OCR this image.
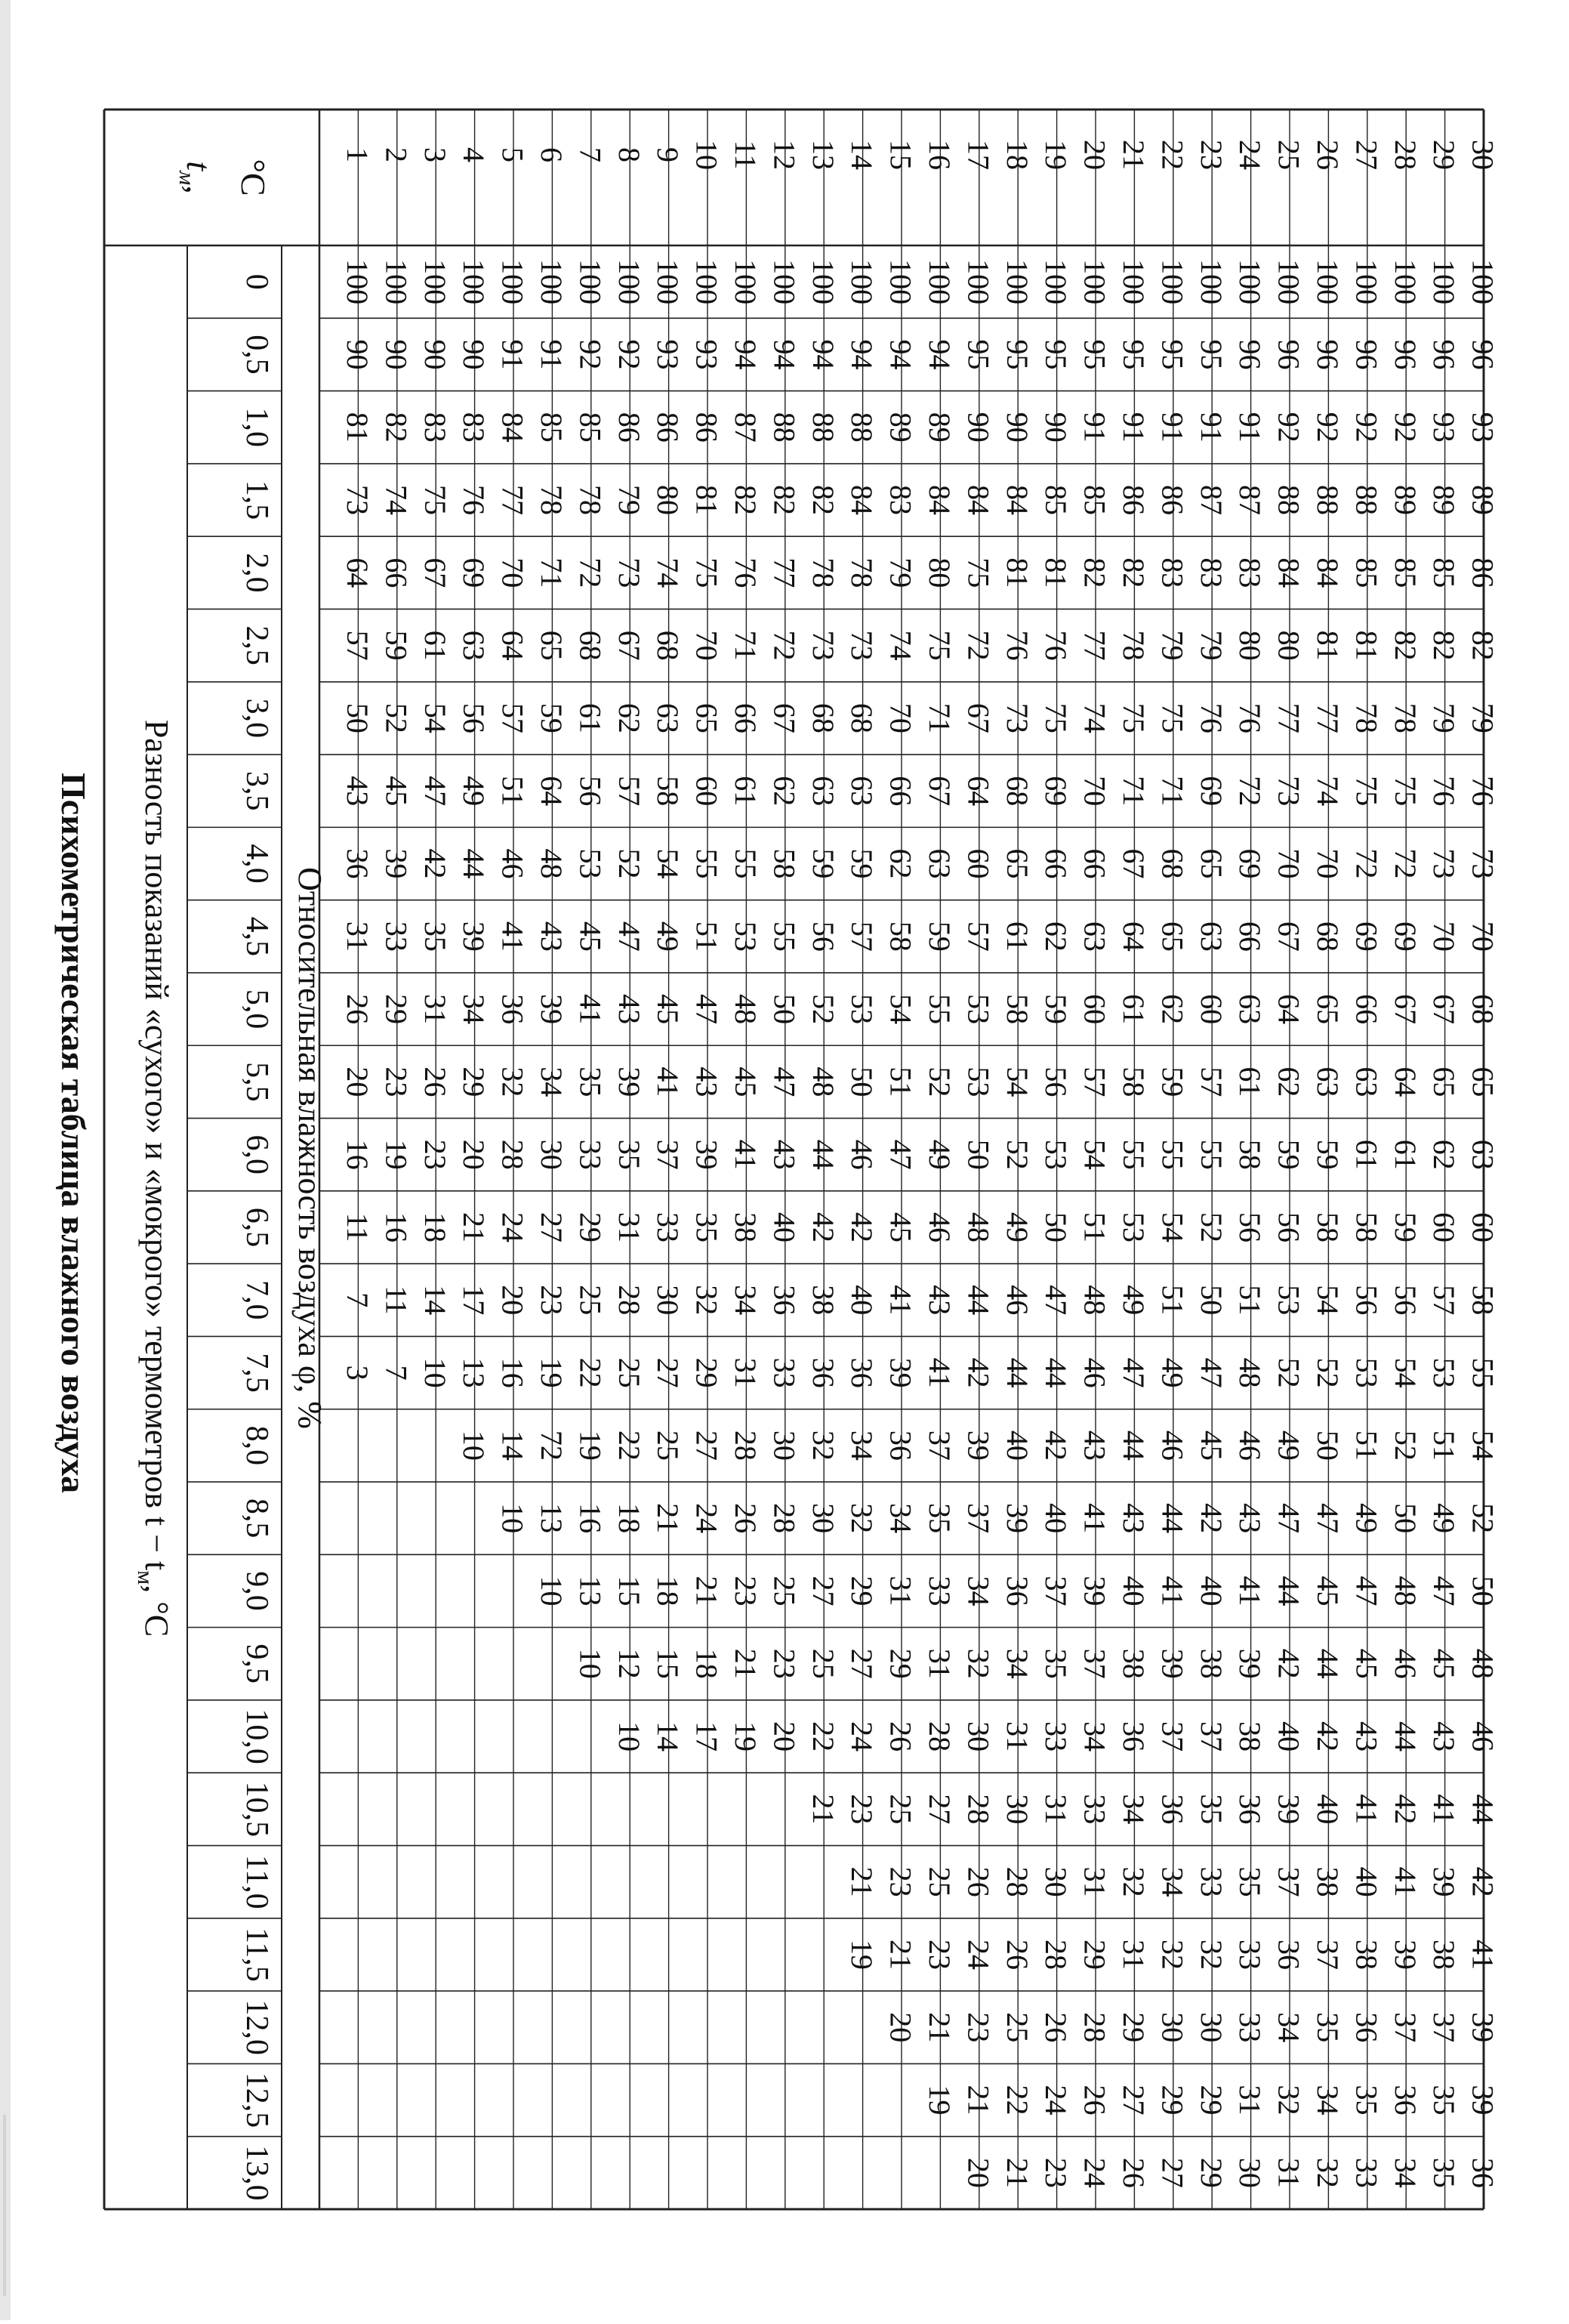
Психометрическая таблица влажного воздуха Разность показаний «сухого» и «мокрого» термометров $t - t_м$, °C
Относительная влажность воздуха φ, %
$t_м$, °C
0
0,5
1,0
1,5
2,0
2,5
3,0
3,5
4,0
4,5
5,0
5,5
6,0
6,5
7,0
7,5
8,0
8,5
9,0
9,5
10,0
10,5
11,0
11,5
12,0
12,5
13,0
1
100
90
81
73
64
57
50
43
36
31
26
20
16
11
7
3
2
100
90
82
74
66
59
52
45
39
33
29
23
19
16
11
7
3
100
90
83
75
67
61
54
47
42
35
31
26
23
18
14
10
4
100
90
83
76
69
63
56
49
44
39
34
29
20
21
17
13
10
5
100
91
84
77
70
64
57
51
46
41
36
32
28
24
20
16
14
10
6
100
91
85
78
71
65
59
64
48
43
39
34
30
27
23
19
72
13
10
7
100
92
85
78
72
68
61
56
53
45
41
35
33
29
25
22
19
16
13
10
8
100
92
86
79
73
67
62
57
52
47
43
39
35
31
28
25
22
18
15
12
10
9
100
93
86
80
74
68
63
58
54
49
45
41
37
33
30
27
25
21
18
15
14
10
100
93
86
81
75
70
65
60
55
51
47
43
39
35
32
29
27
24
21
18
17
11
100
94
87
82
76
71
66
61
55
53
48
45
41
38
34
31
28
26
23
21
19
12
100
94
88
82
77
72
67
62
58
55
50
47
43
40
36
33
30
28
25
23
20
13
100
94
88
82
78
73
68
63
59
56
52
48
44
42
38
36
32
30
27
25
22
21
14
100
94
88
84
78
73
68
63
59
57
53
50
46
42
40
36
34
32
29
27
24
23
21
19
15
100
94
89
83
79
74
70
66
62
58
54
51
47
45
41
39
36
34
31
29
26
25
23
21
20
16
100
94
89
84
80
75
71
67
63
59
55
52
49
46
43
41
37
35
33
31
28
27
25
23
21
19
17
100
95
90
84
75
72
67
64
60
57
53
53
50
48
44
42
39
37
34
32
30
28
26
24
23
21
20
18
100
95
90
84
81
76
73
68
65
61
58
54
52
49
46
44
40
39
36
34
31
30
28
26
25
22
21
19
100
95
90
85
81
76
75
69
66
62
59
56
53
50
47
44
42
40
37
35
33
31
30
28
26
24
23
20
100
95
91
85
82
77
74
70
66
63
60
57
54
51
48
46
43
41
39
37
34
33
31
29
28
26
24
21
100
95
91
86
82
78
75
71
67
64
61
58
55
53
49
47
44
43
40
38
36
34
32
31
29
27
26
22
100
95
91
86
83
79
75
71
68
65
62
59
55
54
51
49
46
44
41
39
37
36
34
32
30
29
27
23
100
95
91
87
83
79
76
69
65
63
60
57
55
52
50
47
45
42
40
38
37
35
33
32
30
29
29
24
100
96
91
87
83
80
76
72
69
66
63
61
58
56
51
48
46
43
41
39
38
36
35
33
33
31
30
25
100
96
92
88
84
80
77
73
70
67
64
62
59
56
53
52
49
47
44
42
40
39
37
36
34
32
31
26
100
96
92
88
84
81
77
74
70
68
65
63
59
58
54
52
50
47
45
44
42
40
38
37
35
34
32
27
100
96
92
88
85
81
78
75
72
69
66
63
61
58
56
53
51
49
47
45
43
41
40
38
36
35
33
28
100
96
92
89
85
82
78
75
72
69
67
64
61
59
56
54
52
50
48
46
44
42
41
39
37
36
34
29
100
96
93
89
85
82
79
76
73
70
67
65
62
60
57
53
51
49
47
45
43
41
39
38
37
35
35
30
100
96
93
89
86
82
79
76
73
70
68
65
63
60
58
55
54
52
50
48
46
44
42
41
39
39
36
